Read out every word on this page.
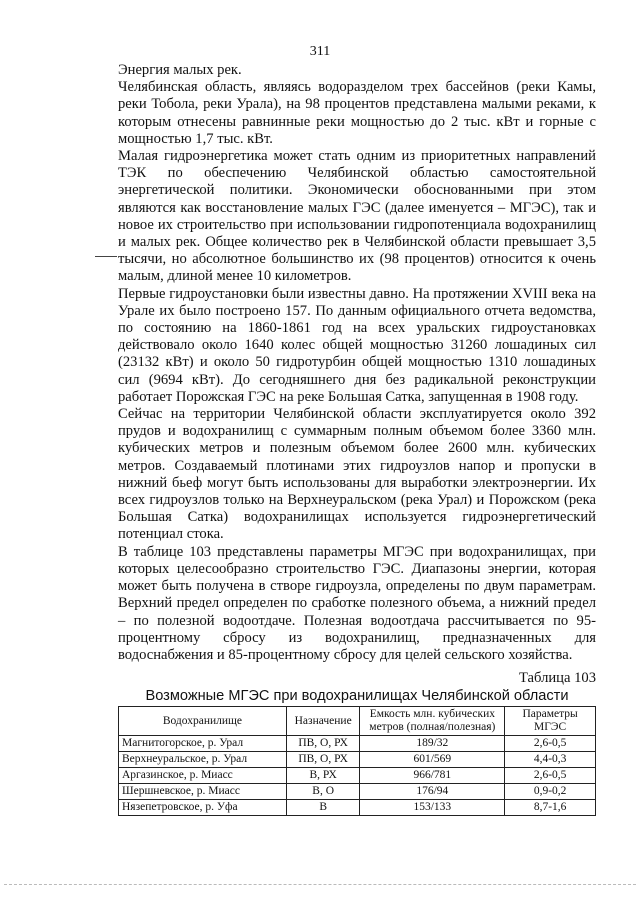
311

Энергия малых рек.

Челябинская область, являясь водоразделом трех бассейнов (реки Камы, реки Тобола, реки Урала), на 98 процентов представлена малыми реками, к которым отнесены равнинные реки мощностью до 2 тыс. кВт и горные с мощностью 1,7 тыс. кВт.

Малая гидроэнергетика может стать одним из приоритетных направлений ТЭК по обеспечению Челябинской областью самостоятельной энергетической политики. Экономически обоснованными при этом являются как восстановление малых ГЭС (далее именуется – МГЭС), так и новое их строительство при использовании гидропотенциала водохранилищ и малых рек. Общее количество рек в Челябинской области превышает 3,5 тысячи, но абсолютное большинство их (98 процентов) относится к очень малым, длиной менее 10 километров.

Первые гидроустановки были известны давно. На протяжении XVIII века на Урале их было построено 157. По данным официального отчета ведомства, по состоянию на 1860-1861 год на всех уральских гидроустановках действовало около 1640 колес общей мощностью 31260 лошадиных сил (23132 кВт) и около 50 гидротурбин общей мощностью 1310 лошадиных сил (9694 кВт). До сегодняшнего дня без радикальной реконструкции работает Порожская ГЭС на реке Большая Сатка, запущенная в 1908 году.

Сейчас на территории Челябинской области эксплуатируется около 392 прудов и водохранилищ с суммарным полным объемом более 3360 млн. кубических метров и полезным объемом более 2600 млн. кубических метров. Создаваемый плотинами этих гидроузлов напор и пропуски в нижний бьеф могут быть использованы для выработки электроэнергии. Их всех гидроузлов только на Верхнеуральском (река Урал) и Порожском (река Большая Сатка) водохранилищах используется гидроэнергетический потенциал стока.

В таблице 103 представлены параметры МГЭС при водохранилищах, при которых целесообразно строительство ГЭС. Диапазоны энергии, которая может быть получена в створе гидроузла, определены по двум параметрам. Верхний предел определен по сработке полезного объема, а нижний предел – по полезной водоотдаче. Полезная водоотдача рассчитывается по 95-процентному сбросу из водохранилищ, предназначенных для водоснабжения и 85-процентному сбросу для целей сельского хозяйства.

Таблица 103
Возможные МГЭС при водохранилищах Челябинской области
Водохранилище	Назначение	Емкость млн. кубических метров (полная/полезная)	Параметры МГЭС
Магнитогорское, р. Урал	ПВ, О, РХ	189/32	2,6-0,5
Верхнеуральское, р. Урал	ПВ, О, РХ	601/569	4,4-0,3
Аргазинское, р. Миасс	В, РХ	966/781	2,6-0,5
Шершневское, р. Миасс	В, О	176/94	0,9-0,2
Нязепетровское, р. Уфа	В	153/133	8,7-1,6
